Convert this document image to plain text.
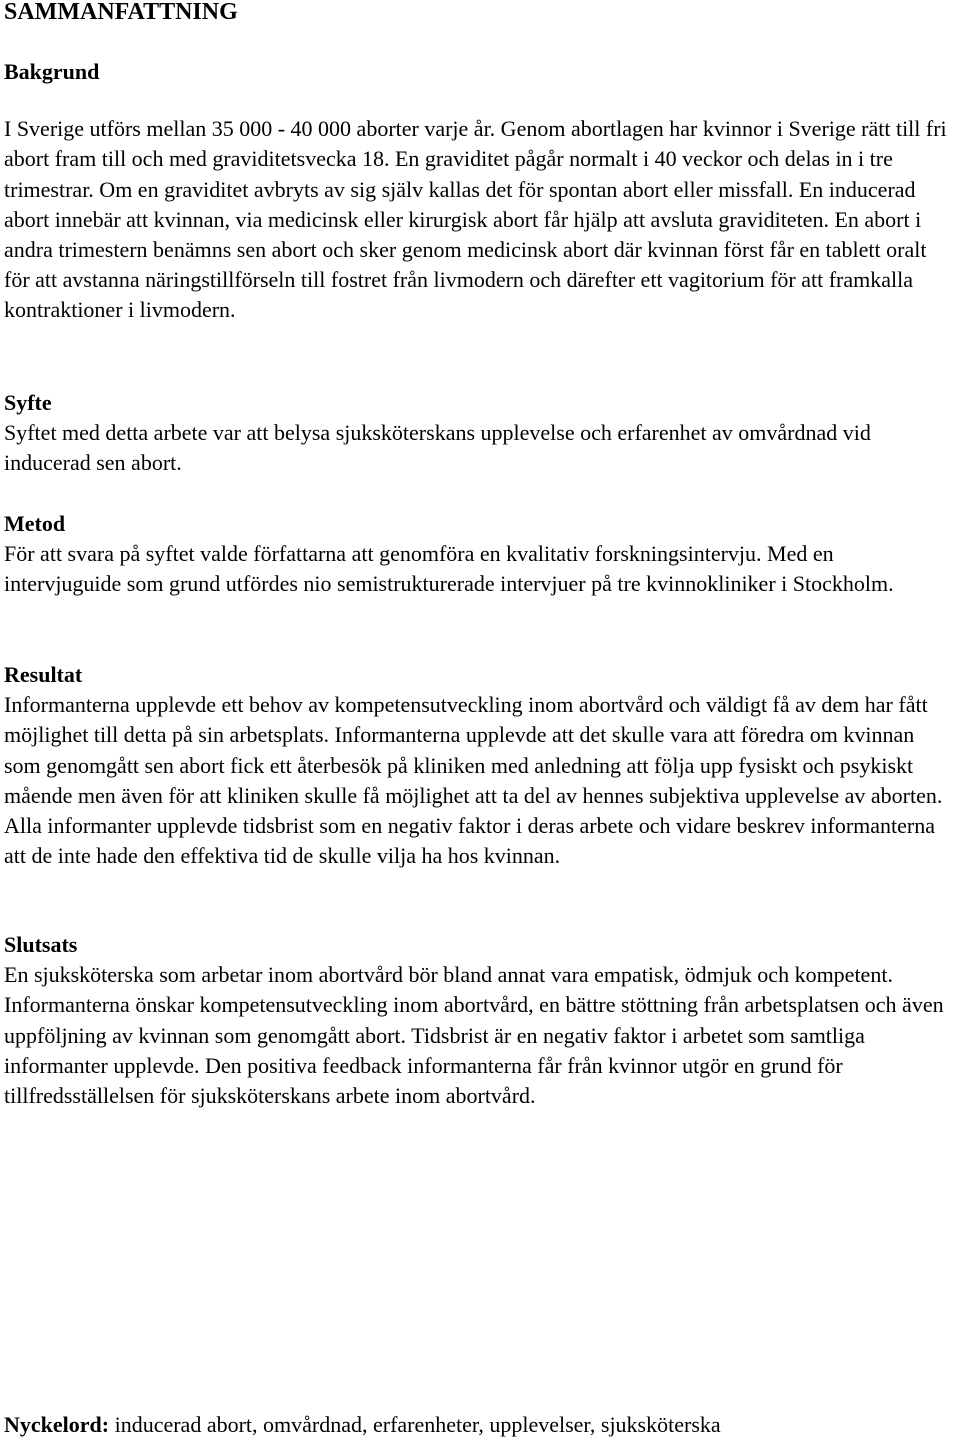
SAMMANFATTNING
Bakgrund

I Sverige utförs mellan 35 000 - 40 000 aborter varje år. Genom abortlagen har kvinnor i Sverige rätt till fri abort fram till och med graviditetsvecka 18. En graviditet pågår normalt i 40 veckor och delas in i tre trimestrar. Om en graviditet avbryts av sig själv kallas det för spontan abort eller missfall. En inducerad abort innebär att kvinnan, via medicinsk eller kirurgisk abort får hjälp att avsluta graviditeten. En abort i andra trimestern benämns sen abort och sker genom medicinsk abort där kvinnan först får en tablett oralt för att avstanna näringstillförseln till fostret från livmodern och därefter ett vagitorium för att framkalla kontraktioner i livmodern.

Syfte

Syftet med detta arbete var att belysa sjuksköterskans upplevelse och erfarenhet av omvårdnad vid inducerad sen abort.

Metod

För att svara på syftet valde författarna att genomföra en kvalitativ forskningsintervju. Med en intervjuguide som grund utfördes nio semistrukturerade intervjuer på tre kvinnokliniker i Stockholm.

Resultat

Informanterna upplevde ett behov av kompetensutveckling inom abortvård och väldigt få av dem har fått möjlighet till detta på sin arbetsplats. Informanterna upplevde att det skulle vara att föredra om kvinnan som genomgått sen abort fick ett återbesök på kliniken med anledning att följa upp fysiskt och psykiskt mående men även för att kliniken skulle få möjlighet att ta del av hennes subjektiva upplevelse av aborten. Alla informanter upplevde tidsbrist som en negativ faktor i deras arbete och vidare beskrev informanterna att de inte hade den effektiva tid de skulle vilja ha hos kvinnan.

Slutsats

En sjuksköterska som arbetar inom abortvård bör bland annat vara empatisk, ödmjuk och kompetent. Informanterna önskar kompetensutveckling inom abortvård, en bättre stöttning från arbetsplatsen och även uppföljning av kvinnan som genomgått abort. Tidsbrist är en negativ faktor i arbetet som samtliga informanter upplevde. Den positiva feedback informanterna får från kvinnor utgör en grund för tillfredsställelsen för sjuksköterskans arbete inom abortvård.

Nyckelord: inducerad abort, omvårdnad, erfarenheter, upplevelser, sjuksköterska
